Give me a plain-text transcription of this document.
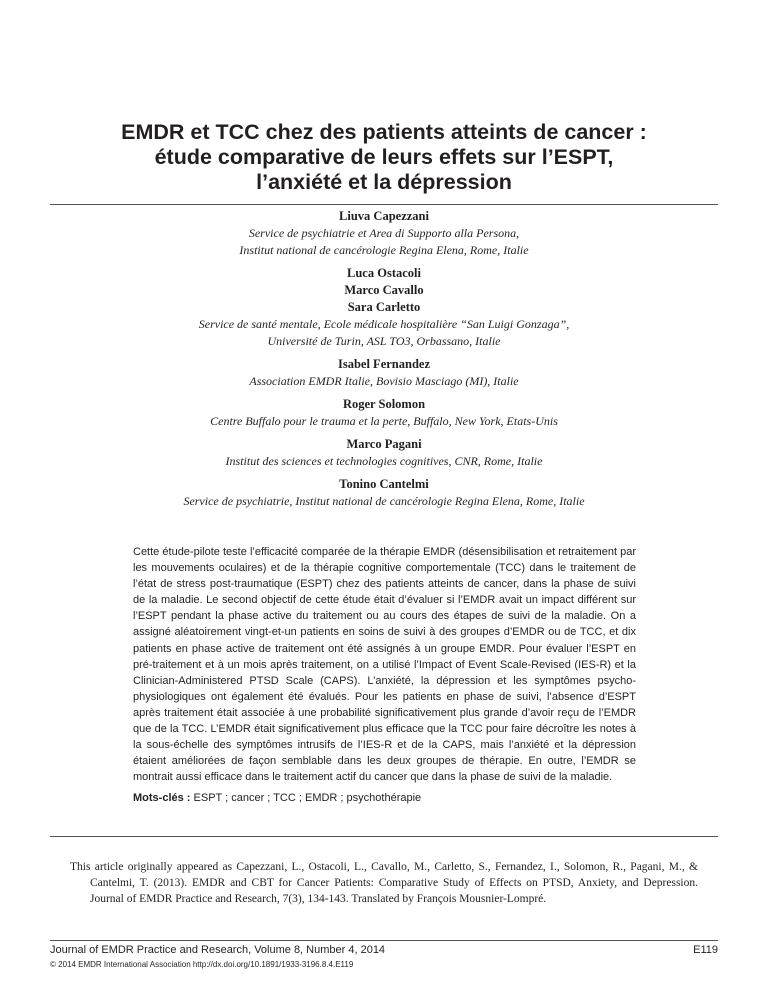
EMDR et TCC chez des patients atteints de cancer :
étude comparative de leurs effets sur l’ESPT,
l’anxiété et la dépression
Liuva Capezzani
Service de psychiatrie et Area di Supporto alla Persona,
Institut national de cancérologie Regina Elena, Rome, Italie
Luca Ostacoli
Marco Cavallo
Sara Carletto
Service de santé mentale, Ecole médicale hospitalière “San Luigi Gonzaga”,
Université de Turin, ASL TO3, Orbassano, Italie
Isabel Fernandez
Association EMDR Italie, Bovisio Masciago (MI), Italie
Roger Solomon
Centre Buffalo pour le trauma et la perte, Buffalo, New York, Etats-Unis
Marco Pagani
Institut des sciences et technologies cognitives, CNR, Rome, Italie
Tonino Cantelmi
Service de psychiatrie, Institut national de cancérologie Regina Elena, Rome, Italie

Cette étude-pilote teste l’efficacité comparée de la thérapie EMDR (désensibilisation et retraitement par les mouvements oculaires) et de la thérapie cognitive comportementale (TCC) dans le traitement de l’état de stress post-traumatique (ESPT) chez des patients atteints de cancer, dans la phase de suivi de la maladie. Le second objectif de cette étude était d’évaluer si l’EMDR avait un impact différent sur l’ESPT pendant la phase active du traitement ou au cours des étapes de suivi de la maladie. On a assigné aléatoirement vingt-et-un patients en soins de suivi à des groupes d’EMDR ou de TCC, et dix patients en phase active de traitement ont été assignés à un groupe EMDR. Pour évaluer l’ESPT en pré-traitement et à un mois après traitement, on a utilisé l’Impact of Event Scale-Revised (IES-R) et la Clinician-Administered PTSD Scale (CAPS). L’anxiété, la dépression et les symptômes psycho-physiologiques ont également été évalués. Pour les patients en phase de suivi, l’absence d’ESPT après traitement était associée à une probabilité significativement plus grande d’avoir reçu de l’EMDR que de la TCC. L’EMDR était significativement plus efficace que la TCC pour faire décroître les notes à la sous-échelle des symptômes intrusifs de l’IES-R et de la CAPS, mais l’anxiété et la dépression étaient améliorées de façon semblable dans les deux groupes de thérapie. En outre, l’EMDR se montrait aussi efficace dans le traitement actif du cancer que dans la phase de suivi de la maladie.

Mots-clés : ESPT ; cancer ; TCC ; EMDR ; psychothérapie

This article originally appeared as Capezzani, L., Ostacoli, L., Cavallo, M., Carletto, S., Fernandez, I., Solomon, R., Pagani, M., & Cantelmi, T. (2013). EMDR and CBT for Cancer Patients: Comparative Study of Effects on PTSD, Anxiety, and Depression. Journal of EMDR Practice and Research, 7(3), 134-143. Translated by François Mousnier-Lompré.

Journal of EMDR Practice and Research, Volume 8, Number 4, 2014	E119
© 2014 EMDR International Association http://dx.doi.org/10.1891/1933-3196.8.4.E119
